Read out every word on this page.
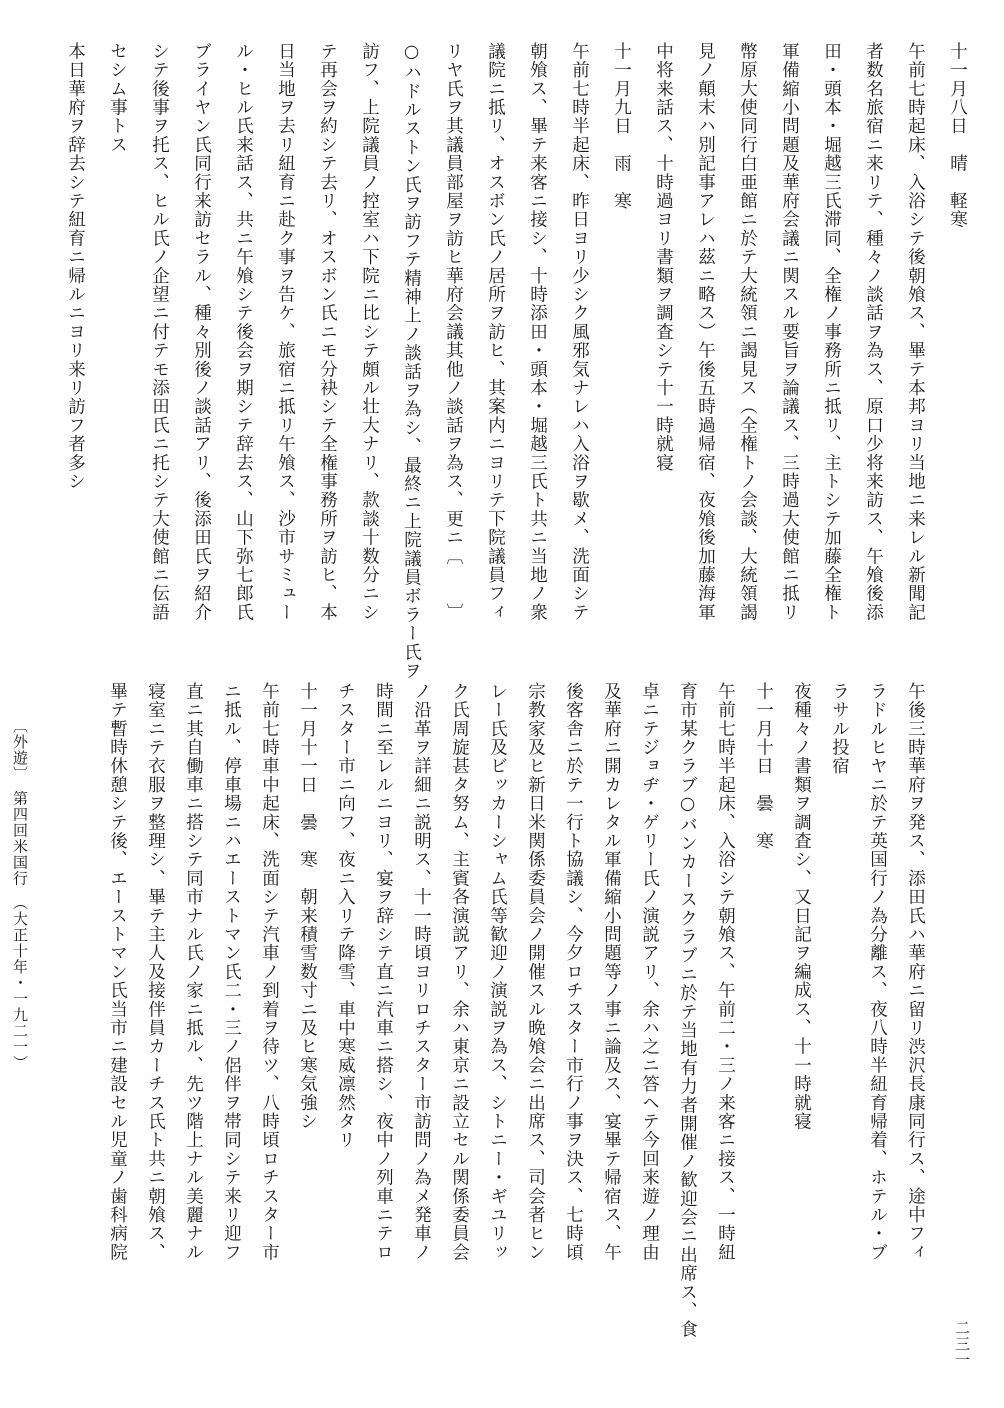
十一月八日　晴　軽寒
午前七時起床、入浴シテ後朝飧ス、畢テ本邦ヨリ当地ニ来レル新聞記
者数名旅宿ニ来リテ、種々ノ談話ヲ為ス、原口少将来訪ス、午飧後添
田・頭本・堀越三氏滞同、全権ノ事務所ニ抵リ、主トシテ加藤全権ト
軍備縮小問題及華府会議ニ関スル要旨ヲ論議ス、三時過大使館ニ抵リ
幣原大使同行白亜館ニ於テ大統領ニ謁見ス（全権トノ会談、大統領謁
見ノ顛末ハ別記事アレハ茲ニ略ス）午後五時過帰宿、夜飧後加藤海軍
中将来話ス、十時過ヨリ書類ヲ調査シテ十一時就寝
十一月九日　雨　寒
午前七時半起床、昨日ヨリ少シク風邪気ナレハ入浴ヲ歇メ、洗面シテ
朝飧ス、畢テ来客ニ接シ、十時添田・頭本・堀越三氏ト共ニ当地ノ衆
議院ニ抵リ、オスボン氏ノ居所ヲ訪ヒ、其案内ニヨリテ下院議員フィ
リヤ氏ヲ其議員部屋ヲ訪ヒ華府会議其他ノ談話ヲ為ス、更ニ〔　　〕
○ハドルストン氏ヲ訪フテ精神上ノ談話ヲ為シ、最終ニ上院議員ボラー氏ヲ
訪フ、上院議員ノ控室ハ下院ニ比シテ頗ル壮大ナリ、款談十数分ニシ
テ再会ヲ約シテ去リ、オスボン氏ニモ分袂シテ全権事務所ヲ訪ヒ、本
日当地ヲ去リ紐育ニ赴ク事ヲ告ケ、旅宿ニ抵リ午飧ス、沙市サミュー
ル・ヒル氏来話ス、共ニ午飧シテ後会ヲ期シテ辞去ス、山下弥七郎氏
ブライヤン氏同行来訪セラル、種々別後ノ談話アリ、後添田氏ヲ紹介
シテ後事ヲ托ス、ヒル氏ノ企望ニ付テモ添田氏ニ托シテ大使館ニ伝語
セシム事トス
本日華府ヲ辞去シテ紐育ニ帰ルニヨリ来リ訪フ者多シ
午後三時華府ヲ発ス、添田氏ハ華府ニ留リ渋沢長康同行ス、途中フィ
ラドルヒヤニ於テ英国行ノ為分離ス、夜八時半紐育帰着、ホテル・ブ
ラサル投宿
夜種々ノ書類ヲ調査シ、又日記ヲ編成ス、十一時就寝
十一月十日　曇　寒
午前七時半起床、入浴シテ朝飧ス、午前二・三ノ来客ニ接ス、一時紐
育市某クラブ○バンカースクラブニ於テ当地有力者開催ノ歓迎会ニ出席ス、食
卓ニテジョヂ・ゲリー氏ノ演説アリ、余ハ之ニ答ヘテ今回来遊ノ理由
及華府ニ開カレタル軍備縮小問題等ノ事ニ論及ス、宴畢テ帰宿ス、午
後客舎ニ於テ一行ト協議シ、今夕ロチスター市行ノ事ヲ決ス、七時頃
宗教家及ヒ新日米関係委員会ノ開催スル晩飧会ニ出席ス、司会者ヒン
レー氏及ビッカーシャム氏等歓迎ノ演説ヲ為ス、シトニー・ギユリッ
ク氏周旋甚タ努ム、主賓各演説アリ、余ハ東京ニ設立セル関係委員会
ノ沿革ヲ詳細ニ説明ス、十一時頃ヨリロチスター市訪問ノ為メ発車ノ
時間ニ至レルニヨリ、宴ヲ辞シテ直ニ汽車ニ搭シ、夜中ノ列車ニテロ
チスター市ニ向フ、夜ニ入リテ降雪、車中寒威凛然タリ
十一月十一日　曇　寒　朝来積雪数寸ニ及ヒ寒気強シ
午前七時車中起床、洗面シテ汽車ノ到着ヲ待ツ、八時頃ロチスター市
ニ抵ル、停車場ニハエーストマン氏二・三ノ侶伴ヲ帯同シテ来リ迎フ
直ニ其自働車ニ搭シテ同市ナル氏ノ家ニ抵ル、先ツ階上ナル美麗ナル
寝室ニテ衣服ヲ整理シ、畢テ主人及接伴員カーチス氏ト共ニ朝飧ス、
畢テ暫時休憩シテ後、エーストマン氏当市ニ建設セル児童ノ歯科病院
〔外遊〕　第四回米国行　（大正十年・一九二一）
二三一
